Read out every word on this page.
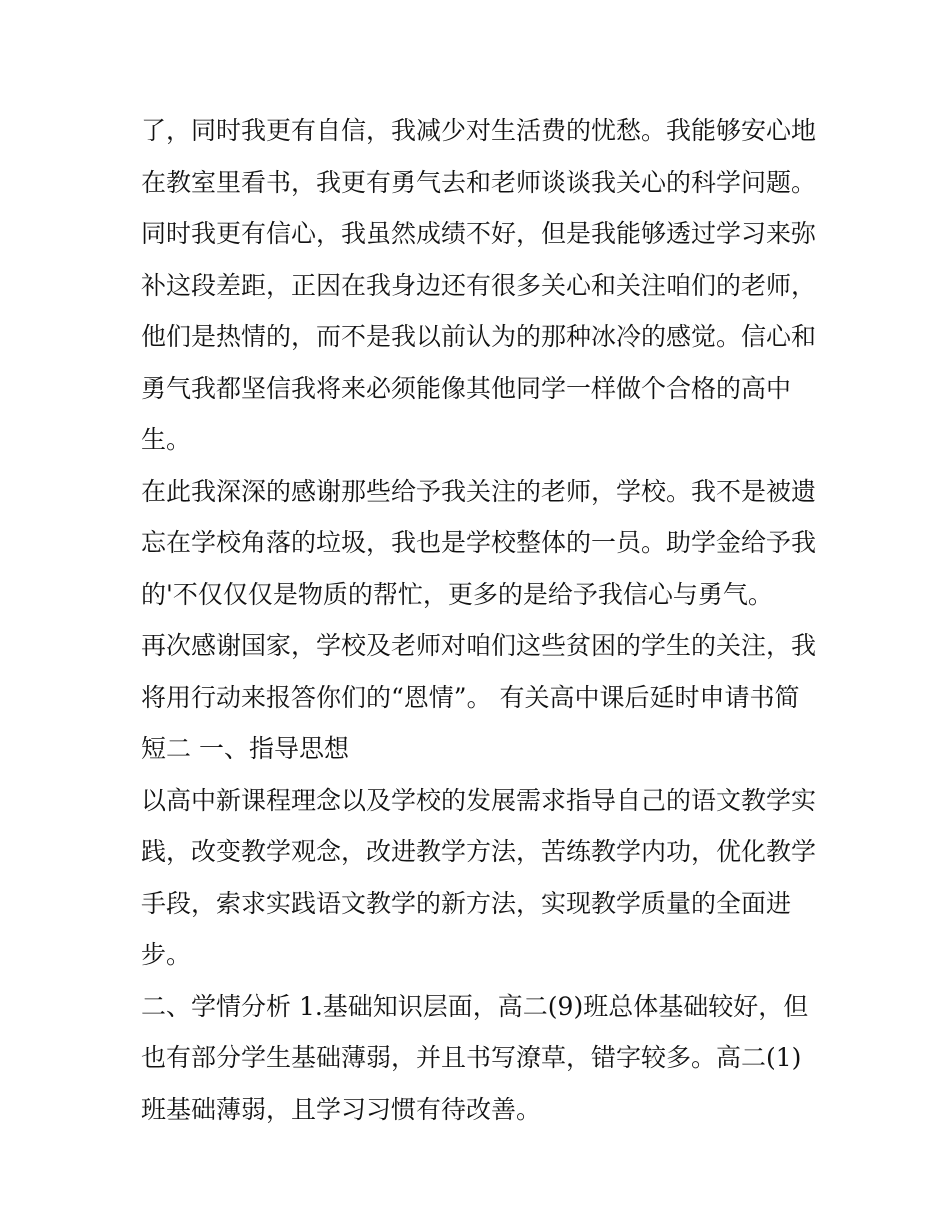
了，同时我更有自信，我减少对生活费的忧愁。我能够安心地
在教室里看书，我更有勇气去和老师谈谈我关心的科学问题。
同时我更有信心，我虽然成绩不好，但是我能够透过学习来弥
补这段差距，正因在我身边还有很多关心和关注咱们的老师，
他们是热情的，而不是我以前认为的那种冰冷的感觉。信心和
勇气我都坚信我将来必须能像其他同学一样做个合格的高中
生。
在此我深深的感谢那些给予我关注的老师，学校。我不是被遗
忘在学校角落的垃圾，我也是学校整体的一员。助学金给予我
的'不仅仅仅是物质的帮忙，更多的是给予我信心与勇气。
再次感谢国家，学校及老师对咱们这些贫困的学生的关注，我
将用行动来报答你们的“恩情”。 有关高中课后延时申请书简
短二 一、指导思想
以高中新课程理念以及学校的发展需求指导自己的语文教学实
践，改变教学观念，改进教学方法，苦练教学内功，优化教学
手段，索求实践语文教学的新方法，实现教学质量的全面进
步。
二、学情分析 1.基础知识层面，高二(9)班总体基础较好，但
也有部分学生基础薄弱，并且书写潦草，错字较多。高二(1)
班基础薄弱，且学习习惯有待改善。
